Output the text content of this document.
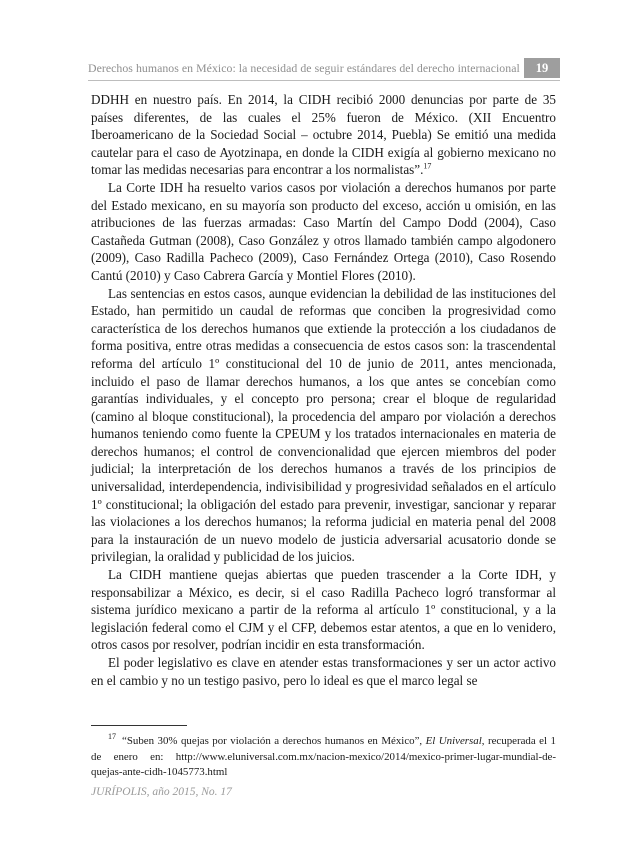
Derechos humanos en México: la necesidad de seguir estándares del derecho internacional	19

DDHH en nuestro país. En 2014, la CIDH recibió 2000 denuncias por parte de 35 países diferentes, de las cuales el 25% fueron de México. (XII Encuentro Iberoamericano de la Sociedad Social – octubre 2014, Puebla) Se emitió una medida cautelar para el caso de Ayotzinapa, en donde la CIDH exigía al gobierno mexicano no tomar las medidas necesarias para encontrar a los normalistas”.$^{17}$

La Corte IDH ha resuelto varios casos por violación a derechos humanos por parte del Estado mexicano, en su mayoría son producto del exceso, acción u omisión, en las atribuciones de las fuerzas armadas: Caso Martín del Campo Dodd (2004), Caso Castañeda Gutman (2008), Caso González y otros llamado también campo algodonero (2009), Caso Radilla Pacheco (2009), Caso Fernández Ortega (2010), Caso Rosendo Cantú (2010) y Caso Cabrera García y Montiel Flores (2010).

Las sentencias en estos casos, aunque evidencian la debilidad de las instituciones del Estado, han permitido un caudal de reformas que conciben la progresividad como característica de los derechos humanos que extiende la protección a los ciudadanos de forma positiva, entre otras medidas a consecuencia de estos casos son: la trascendental reforma del artículo 1º constitucional del 10 de junio de 2011, antes mencionada, incluido el paso de llamar derechos humanos, a los que antes se concebían como garantías individuales, y el concepto pro persona; crear el bloque de regularidad (camino al bloque constitucional), la procedencia del amparo por violación a derechos humanos teniendo como fuente la CPEUM y los tratados internacionales en materia de derechos humanos; el control de convencionalidad que ejercen miembros del poder judicial; la interpretación de los derechos humanos a través de los principios de universalidad, interdependencia, indivisibilidad y progresividad señalados en el artículo 1º constitucional; la obligación del estado para prevenir, investigar, sancionar y reparar las violaciones a los derechos humanos; la reforma judicial en materia penal del 2008 para la instauración de un nuevo modelo de justicia adversarial acusatorio donde se privilegian, la oralidad y publicidad de los juicios.

La CIDH mantiene quejas abiertas que pueden trascender a la Corte IDH, y responsabilizar a México, es decir, si el caso Radilla Pacheco logró transformar al sistema jurídico mexicano a partir de la reforma al artículo 1º constitucional, y a la legislación federal como el CJM y el CFP, debemos estar atentos, a que en lo venidero, otros casos por resolver, podrían incidir en esta transformación.

El poder legislativo es clave en atender estas transformaciones y ser un actor activo en el cambio y no un testigo pasivo, pero lo ideal es que el marco legal se

17 “Suben 30% quejas por violación a derechos humanos en México”, El Universal, recuperada el 1 de enero en: http://www.eluniversal.com.mx/nacion-mexico/2014/mexico-primer-lugar-mundial-de-quejas-ante-cidh-1045773.html
JURÍPOLIS, año 2015, No. 17
